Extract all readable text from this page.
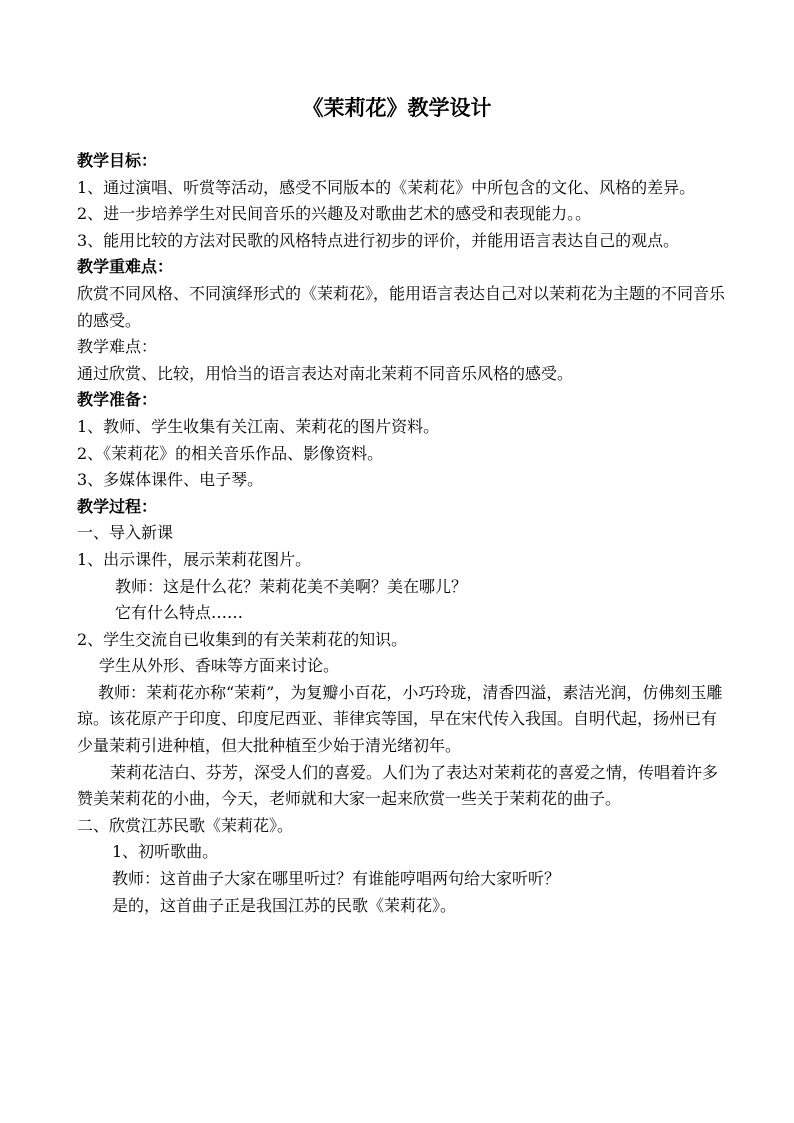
《茉莉花》教学设计

教学目标：

1、通过演唱、听赏等活动，感受不同版本的《茉莉花》中所包含的文化、风格的差异。

2、进一步培养学生对民间音乐的兴趣及对歌曲艺术的感受和表现能力。。

3、能用比较的方法对民歌的风格特点进行初步的评价，并能用语言表达自己的观点。

教学重难点：

欣赏不同风格、不同演绎形式的《茉莉花》，能用语言表达自己对以茉莉花为主题的不同音乐的感受。

教学难点：

通过欣赏、比较，用恰当的语言表达对南北茉莉不同音乐风格的感受。

教学准备：

1、教师、学生收集有关江南、茉莉花的图片资料。

2、《茉莉花》的相关音乐作品、影像资料。

3、多媒体课件、电子琴。

教学过程：

一、导入新课

1、出示课件，展示茉莉花图片。

教师：这是什么花？茉莉花美不美啊？美在哪儿？

它有什么特点……

2、学生交流自已收集到的有关茉莉花的知识。

学生从外形、香味等方面来讨论。

教师：茉莉花亦称“茉莉”，为复瓣小百花，小巧玲珑，清香四溢，素洁光润，仿佛刻玉雕琼。该花原产于印度、印度尼西亚、菲律宾等国，早在宋代传入我国。自明代起，扬州已有少量茉莉引进种植，但大批种植至少始于清光绪初年。

茉莉花洁白、芬芳，深受人们的喜爱。人们为了表达对茉莉花的喜爱之情，传唱着许多赞美茉莉花的小曲，今天，老师就和大家一起来欣赏一些关于茉莉花的曲子。

二、欣赏江苏民歌《茉莉花》。

1、初听歌曲。

教师：这首曲子大家在哪里听过？有谁能哼唱两句给大家听听？

是的，这首曲子正是我国江苏的民歌《茉莉花》。
